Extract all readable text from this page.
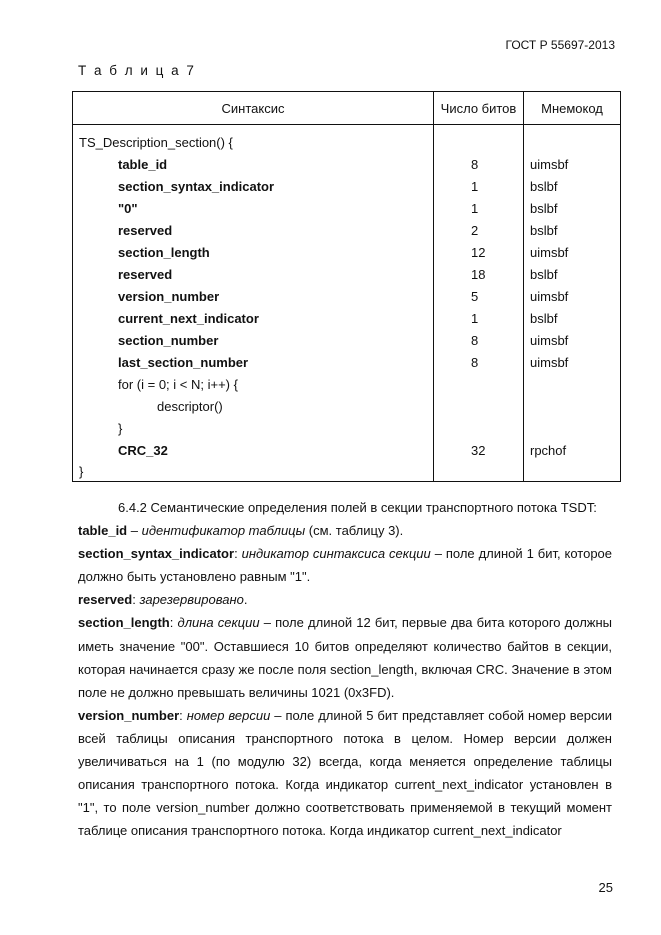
ГОСТ Р 55697-2013
Т а б л и ц а 7
Синтаксис	Число битов	Мнемокод
TS_Description_section() {		
table_id	8	uimsbf
section_syntax_indicator	1	bslbf
"0"	1	bslbf
reserved	2	bslbf
section_length	12	uimsbf
reserved	18	bslbf
version_number	5	uimsbf
current_next_indicator	1	bslbf
section_number	8	uimsbf
last_section_number	8	uimsbf
for (i = 0; i < N; i++) {		
descriptor()		
}		
CRC_32	32	rpchof
}		

6.4.2 Семантические определения полей в секции транспортного потока TSDT:

table_id – идентификатор таблицы (см. таблицу 3).

section_syntax_indicator: индикатор синтаксиса секции – поле длиной 1 бит, которое должно быть установлено равным "1".

reserved: зарезервировано.

section_length: длина секции – поле длиной 12 бит, первые два бита которого должны иметь значение "00". Оставшиеся 10 битов определяют количество байтов в секции, которая начинается сразу же после поля section_length, включая CRC. Значение в этом поле не должно превышать величины 1021 (0x3FD).

version_number: номер версии – поле длиной 5 бит представляет собой номер версии всей таблицы описания транспортного потока в целом. Номер версии должен увеличиваться на 1 (по модулю 32) всегда, когда меняется определение таблицы описания транспортного потока. Когда индикатор current_next_indicator установлен в "1", то поле version_number должно соответствовать применяемой в текущий момент таблице описания транспортного потока. Когда индикатор current_next_indicator

25
